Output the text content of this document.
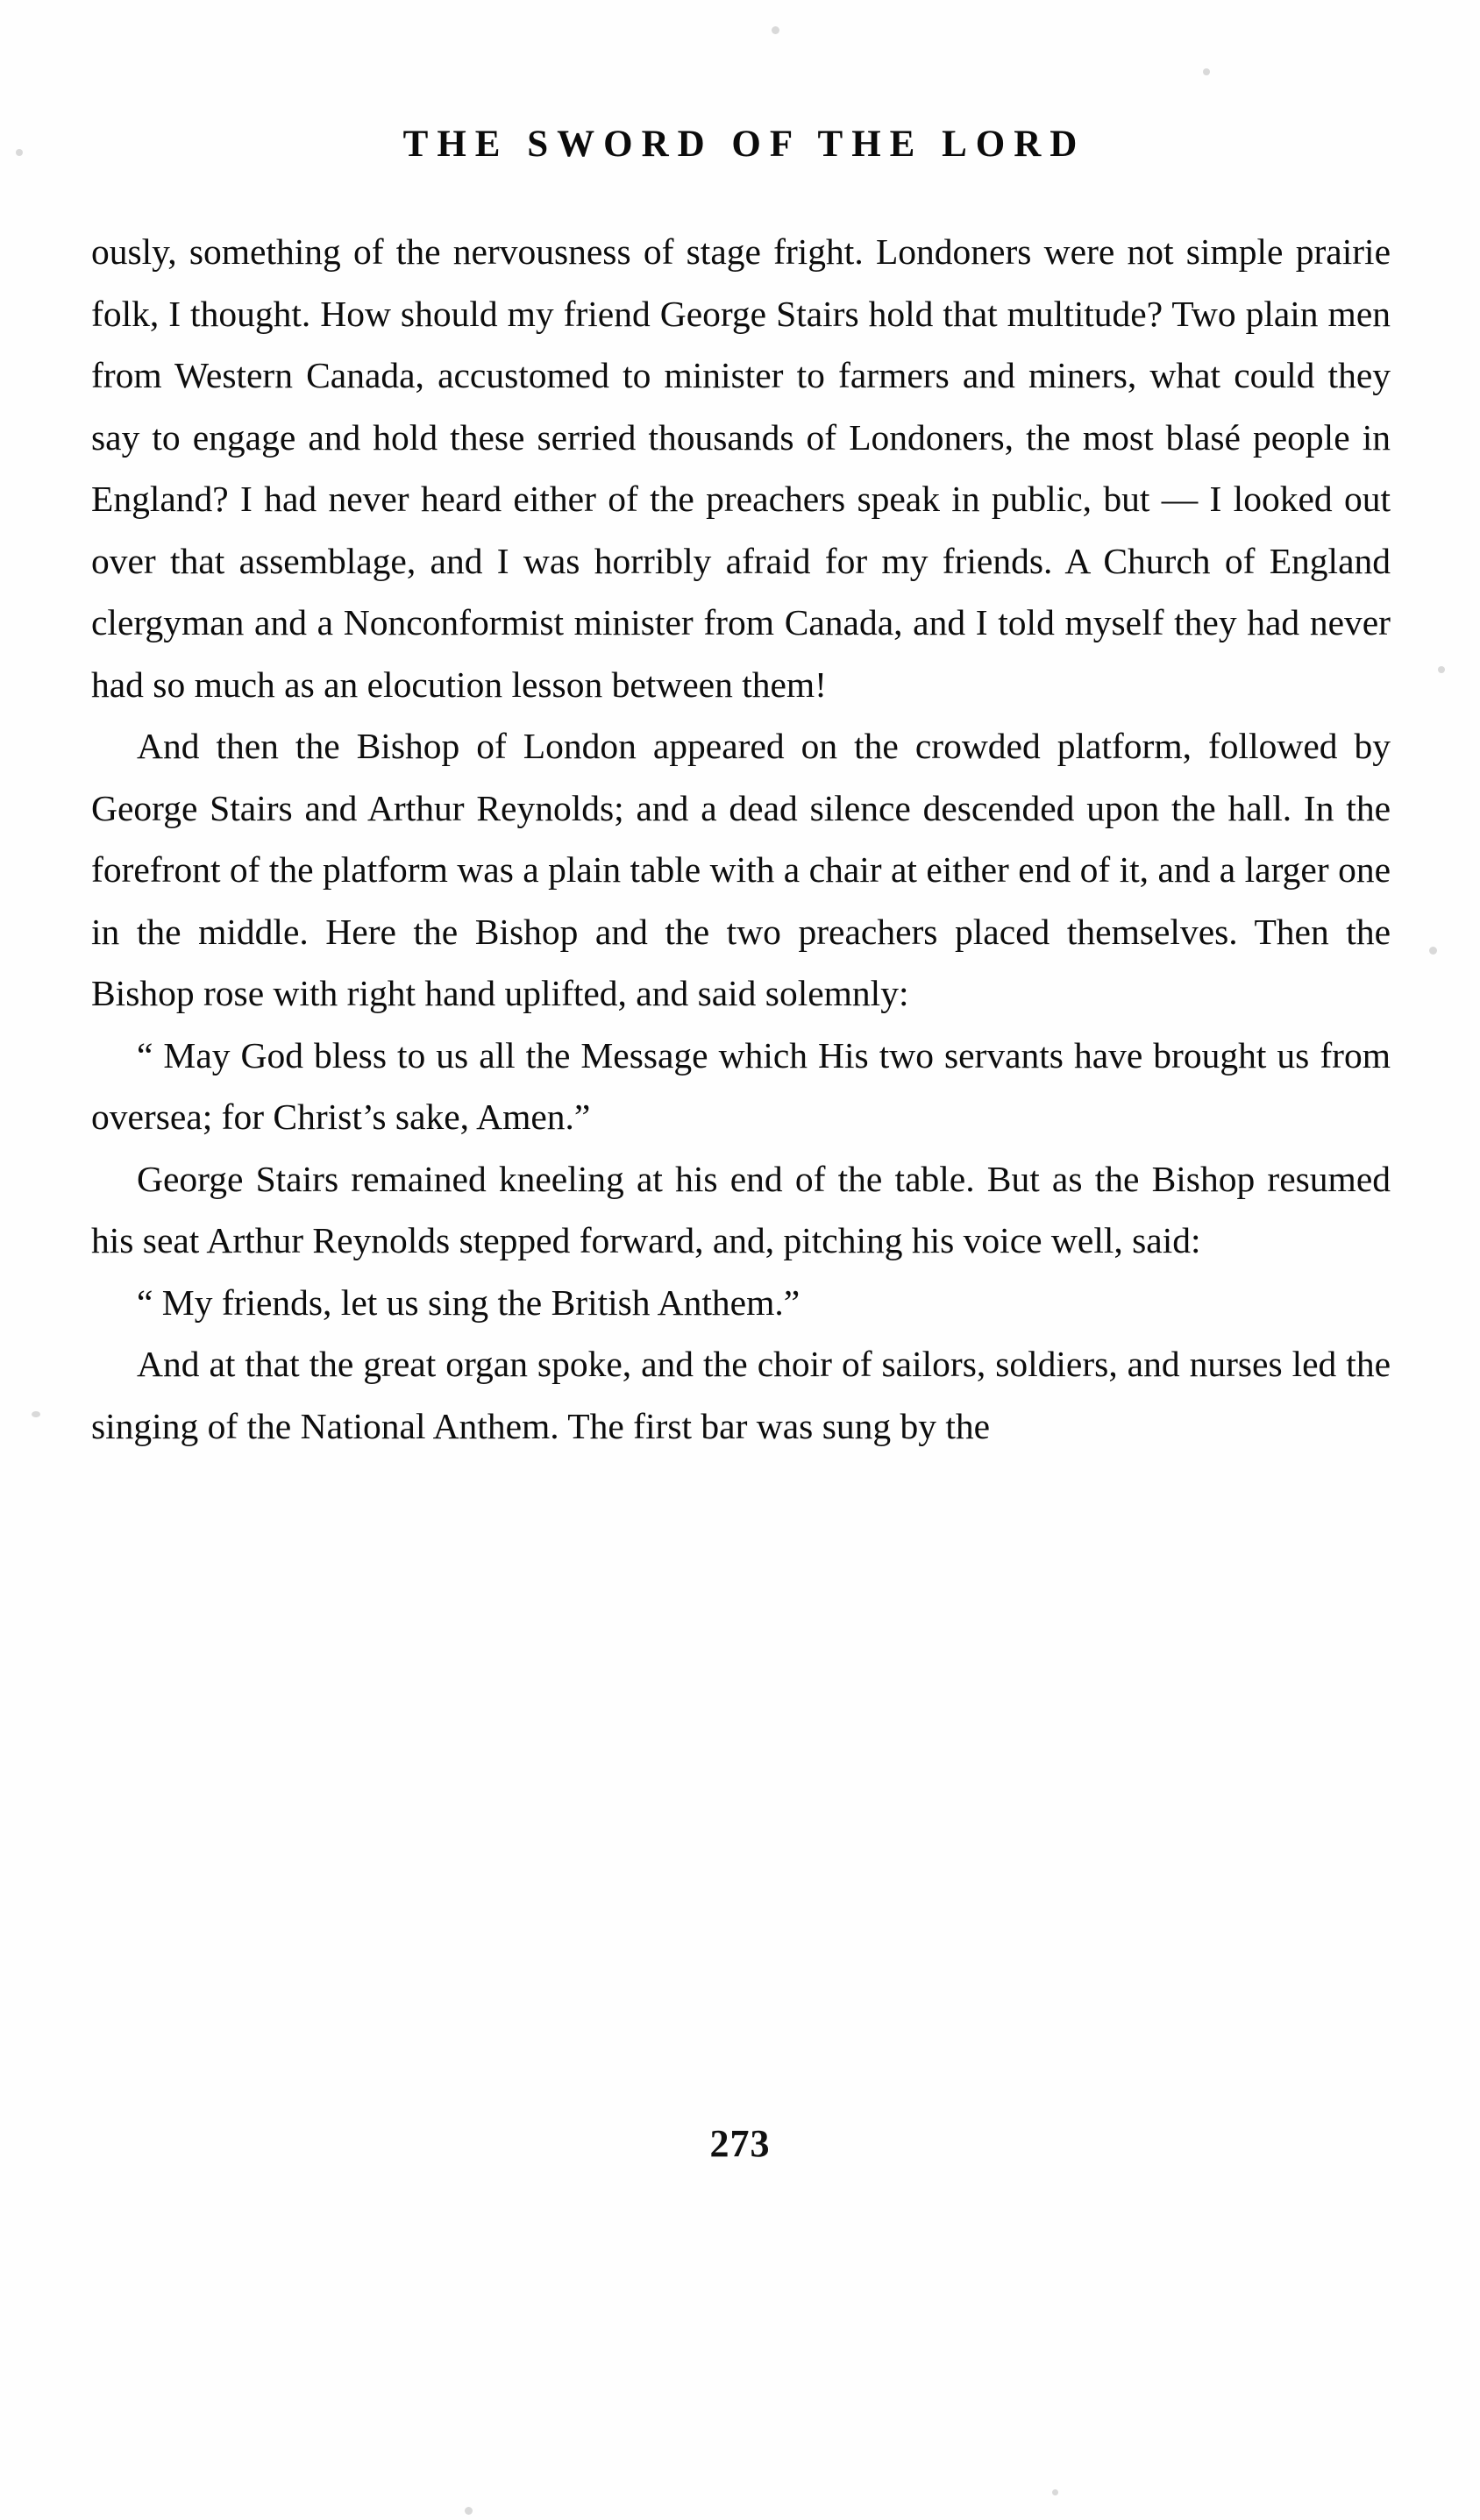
THE SWORD OF THE LORD

ously, something of the nervousness of stage fright. Londoners were not simple prairie folk, I thought. How should my friend George Stairs hold that multitude? Two plain men from Western Canada, accustomed to minister to farmers and miners, what could they say to engage and hold these serried thousands of Londoners, the most blasé people in England? I had never heard either of the preachers speak in public, but — I looked out over that assemblage, and I was horribly afraid for my friends. A Church of England clergyman and a Nonconformist minister from Canada, and I told myself they had never had so much as an elocution lesson between them!

And then the Bishop of London appeared on the crowded platform, followed by George Stairs and Arthur Reynolds; and a dead silence descended upon the hall. In the forefront of the platform was a plain table with a chair at either end of it, and a larger one in the middle. Here the Bishop and the two preachers placed themselves. Then the Bishop rose with right hand uplifted, and said solemnly:

“ May God bless to us all the Message which His two servants have brought us from oversea; for Christ’s sake, Amen.”

George Stairs remained kneeling at his end of the table. But as the Bishop resumed his seat Arthur Reynolds stepped forward, and, pitching his voice well, said:

“ My friends, let us sing the British Anthem.”

And at that the great organ spoke, and the choir of sailors, soldiers, and nurses led the singing of the National Anthem. The first bar was sung by the

273
